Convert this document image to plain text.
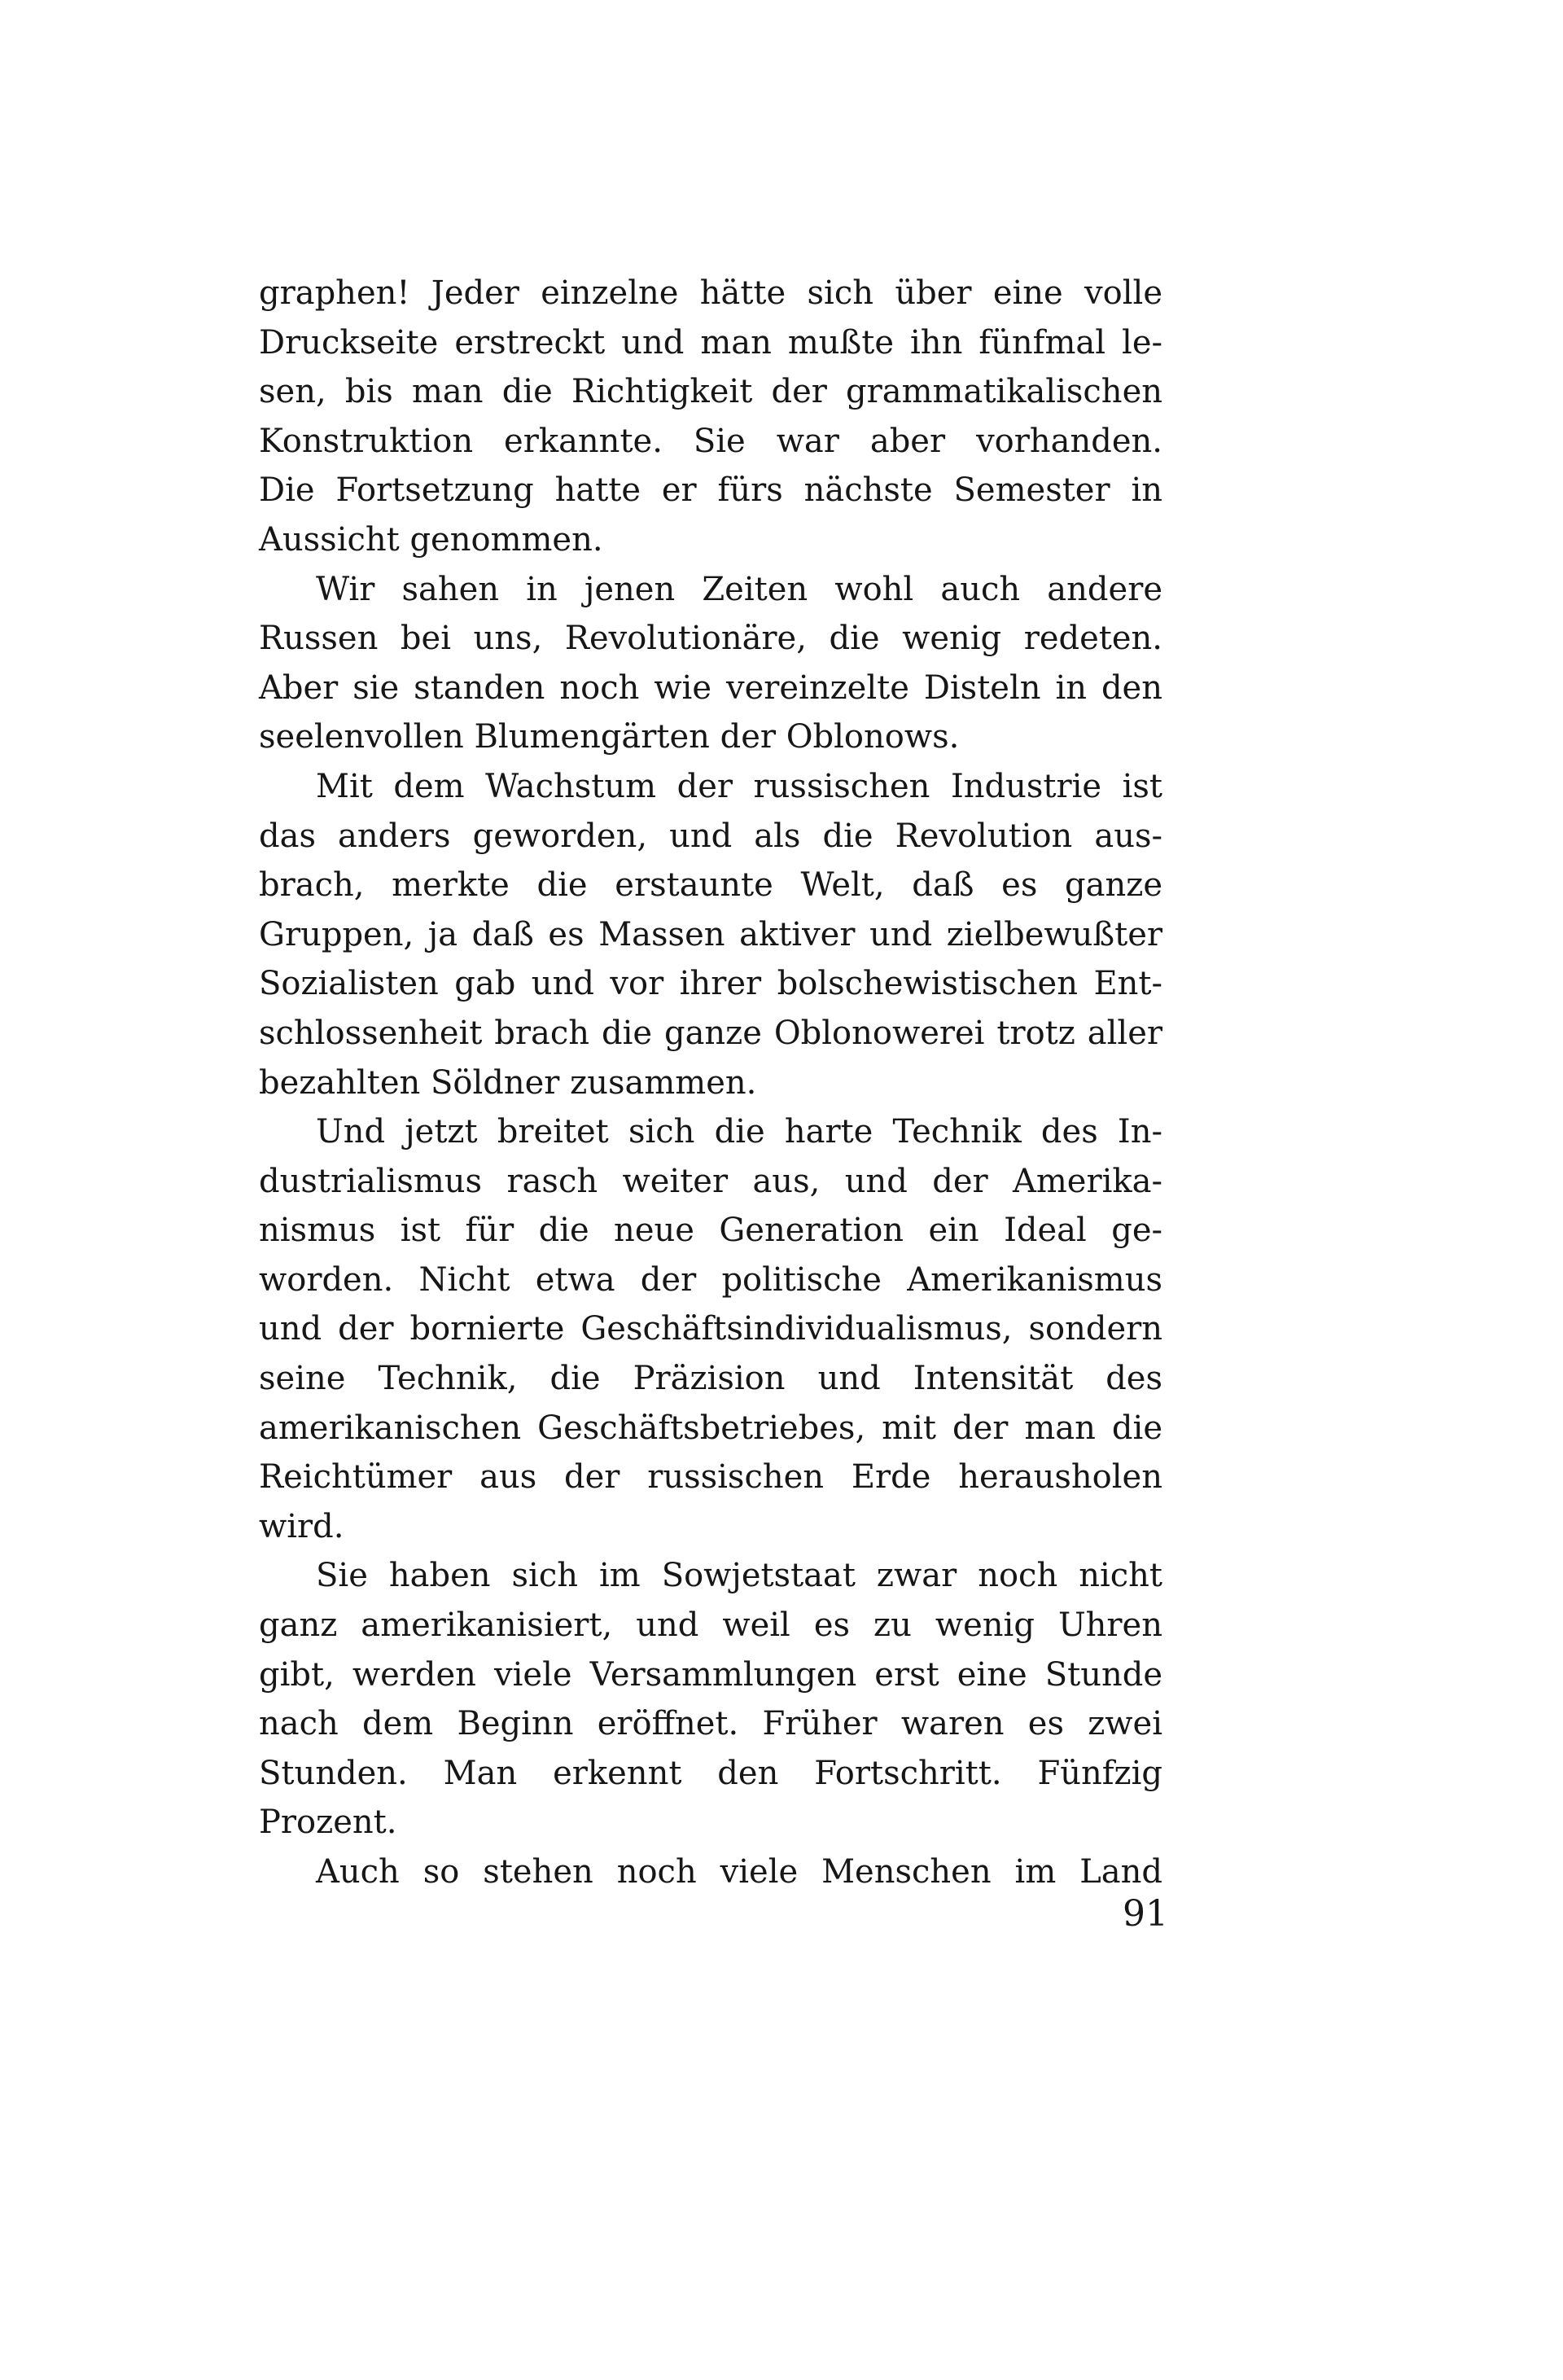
graphen! Jeder einzelne hätte sich über eine volle
Druckseite erstreckt und man mußte ihn fünfmal le-
sen, bis man die Richtigkeit der grammatikalischen
Konstruktion erkannte. Sie war aber vorhanden.
Die Fortsetzung hatte er fürs nächste Semester in
Aussicht genommen.
Wir sahen in jenen Zeiten wohl auch andere
Russen bei uns, Revolutionäre, die wenig redeten.
Aber sie standen noch wie vereinzelte Disteln in den
seelenvollen Blumengärten der Oblonows.
Mit dem Wachstum der russischen Industrie ist
das anders geworden, und als die Revolution aus-
brach, merkte die erstaunte Welt, daß es ganze
Gruppen, ja daß es Massen aktiver und zielbewußter
Sozialisten gab und vor ihrer bolschewistischen Ent-
schlossenheit brach die ganze Oblonowerei trotz aller
bezahlten Söldner zusammen.
Und jetzt breitet sich die harte Technik des In-
dustrialismus rasch weiter aus, und der Amerika-
nismus ist für die neue Generation ein Ideal ge-
worden. Nicht etwa der politische Amerikanismus
und der bornierte Geschäftsindividualismus, sondern
seine Technik, die Präzision und Intensität des
amerikanischen Geschäftsbetriebes, mit der man die
Reichtümer aus der russischen Erde herausholen
wird.
Sie haben sich im Sowjetstaat zwar noch nicht
ganz amerikanisiert, und weil es zu wenig Uhren
gibt, werden viele Versammlungen erst eine Stunde
nach dem Beginn eröffnet. Früher waren es zwei
Stunden. Man erkennt den Fortschritt. Fünfzig
Prozent.
Auch so stehen noch viele Menschen im Land
91
